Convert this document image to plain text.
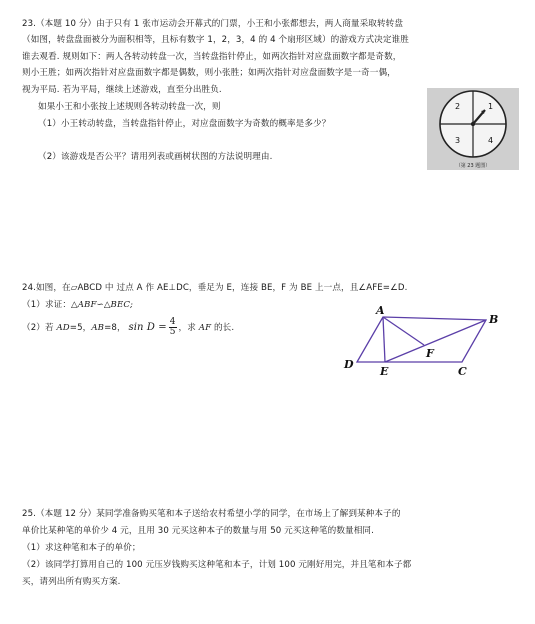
23.（本题 10 分）由于只有 1 张市运动会开幕式的门票，小王和小张都想去，两人商量采取转转盘
（如图，转盘盘面被分为面积相等，且标有数字 1，2，3，4 的 4 个扇形区域）的游戏方式决定谁胜
谁去观看. 规则如下：两人各转动转盘一次，当转盘指针停止，如两次指针对应盘面数字都是奇数，
则小王胜；如两次指针对应盘面数字都是偶数，则小张胜；如两次指针对应盘面数字是一奇一偶，
视为平局. 若为平局，继续上述游戏，直至分出胜负.
如果小王和小张按上述规则各转动转盘一次，则
（1）小王转动转盘，当转盘指针停止，对应盘面数字为奇数的概率是多少？
（2）该游戏是否公平？请用列表或画树状图的方法说明理由.
2	1
3	4
（第 23 题图）
24.如图，在▱ABCD 中 过点 A 作 AE⊥DC，垂足为 E，连接 BE，F 为 BE 上一点，且∠AFE=∠D.
（1）求证：△ABF∽△BEC;
（2）若 AD=5，AB=8， $\sin D = \frac{4}{5}$ ，求 AF 的长.
A
B
C
D
E
F
25.（本题 12 分）某同学准备购买笔和本子送给农村希望小学的同学，在市场上了解到某种本子的
单价比某种笔的单价少 4 元，且用 30 元买这种本子的数量与用 50 元买这种笔的数量相同.
（1）求这种笔和本子的单价；
（2）该同学打算用自己的 100 元压岁钱购买这种笔和本子，计划 100 元刚好用完，并且笔和本子都
买，请列出所有购买方案.
